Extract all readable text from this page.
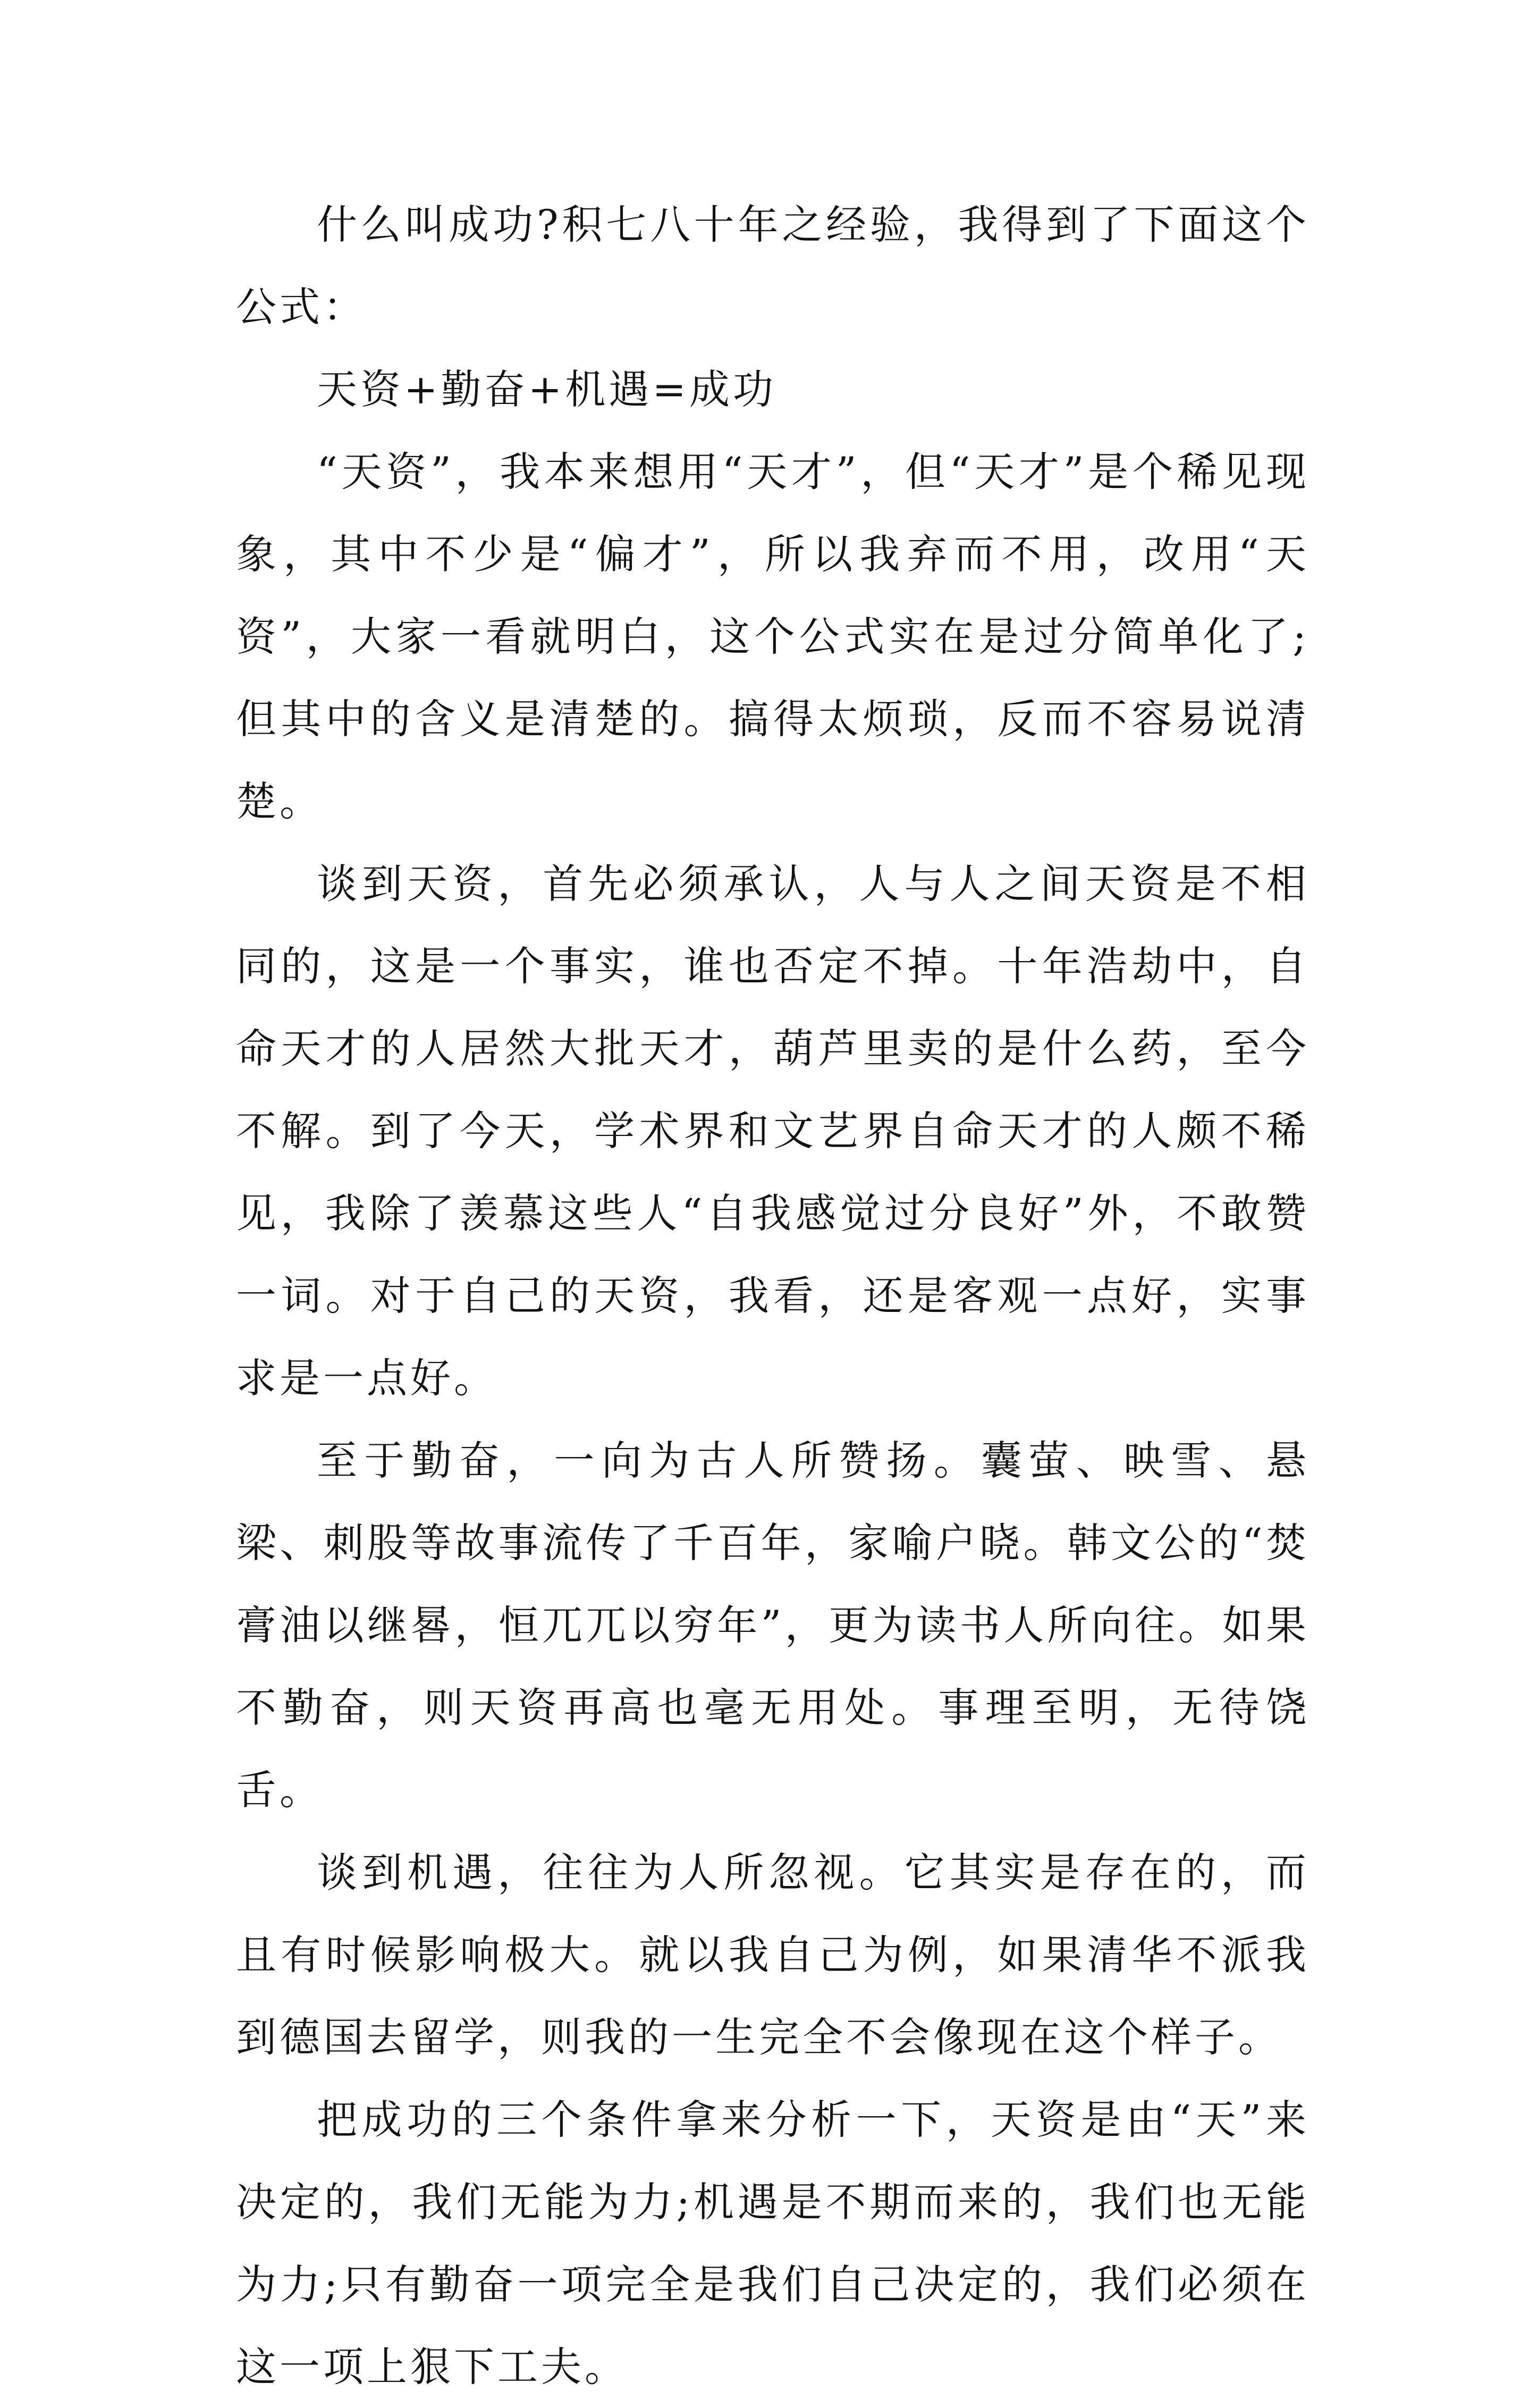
什么叫成功?积七八十年之经验，我得到了下面这个公式：

天资+勤奋+机遇=成功

“天资”，我本来想用“天才”，但“天才”是个稀见现象，其中不少是“偏才”，所以我弃而不用，改用“天资”，大家一看就明白，这个公式实在是过分简单化了;但其中的含义是清楚的。搞得太烦琐，反而不容易说清楚。

谈到天资，首先必须承认，人与人之间天资是不相同的，这是一个事实，谁也否定不掉。十年浩劫中，自命天才的人居然大批天才，葫芦里卖的是什么药，至今不解。到了今天，学术界和文艺界自命天才的人颇不稀见，我除了羡慕这些人“自我感觉过分良好”外，不敢赞一词。对于自己的天资，我看，还是客观一点好，实事求是一点好。

至于勤奋，一向为古人所赞扬。囊萤、映雪、悬梁、刺股等故事流传了千百年，家喻户晓。韩文公的“焚膏油以继晷，恒兀兀以穷年”，更为读书人所向往。如果不勤奋，则天资再高也毫无用处。事理至明，无待饶舌。

谈到机遇，往往为人所忽视。它其实是存在的，而且有时候影响极大。就以我自己为例，如果清华不派我到德国去留学，则我的一生完全不会像现在这个样子。

把成功的三个条件拿来分析一下，天资是由“天”来决定的，我们无能为力;机遇是不期而来的，我们也无能为力;只有勤奋一项完全是我们自己决定的，我们必须在这一项上狠下工夫。
